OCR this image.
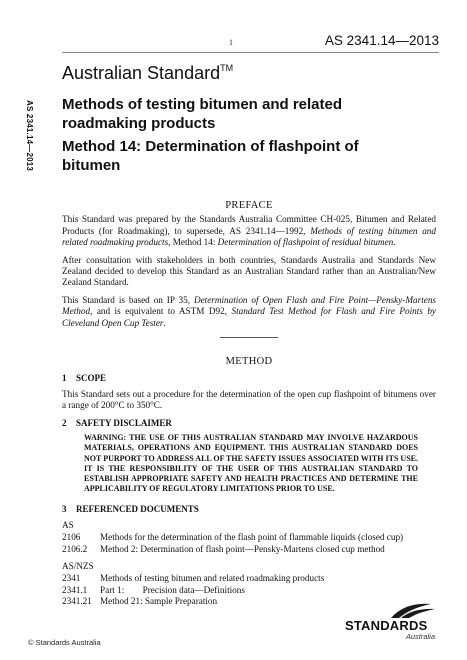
1	AS 2341.14—2013
AS 2341.14—2013
Australian Standard™
Methods of testing bitumen and related
roadmaking products
Method 14: Determination of flashpoint of
bitumen
PREFACE

This Standard was prepared by the Standards Australia Committee CH-025, Bitumen and Related Products (for Roadmaking), to supersede, AS 2341.14—1992, Methods of testing bitumen and related roadmaking products, Method 14: Determination of flashpoint of residual bitumen.

After consultation with stakeholders in both countries, Standards Australia and Standards New Zealand decided to develop this Standard as an Australian Standard rather than an Australian/New Zealand Standard.

This Standard is based on IP 35, Determination of Open Flash and Fire Point—Pensky-Martens Method, and is equivalent to ASTM D92, Standard Test Method for Flash and Fire Points by Cleveland Open Cup Tester.

METHOD
1 SCOPE

This Standard sets out a procedure for the determination of the open cup flashpoint of bitumens over a range of 200°C to 350°C.

2 SAFETY DISCLAIMER

WARNING: THE USE OF THIS AUSTRALIAN STANDARD MAY INVOLVE HAZARDOUS MATERIALS, OPERATIONS AND EQUIPMENT. THIS AUSTRALIAN STANDARD DOES NOT PURPORT TO ADDRESS ALL OF THE SAFETY ISSUES ASSOCIATED WITH ITS USE. IT IS THE RESPONSIBILITY OF THE USER OF THIS AUSTRALIAN STANDARD TO ESTABLISH APPROPRIATE SAFETY AND HEALTH PRACTICES AND DETERMINE THE APPLICABILITY OF REGULATORY LIMITATIONS PRIOR TO USE.

3 REFERENCED DOCUMENTS
AS
2106	Methods for the determination of the flash point of flammable liquids (closed cup)
2106.2	Method 2: Determination of flash point—Pensky-Martens closed cup method
AS/NZS
2341	Methods of testing bitumen and related roadmaking products
2341.1	Part 1:        Precision data—Definitions
2341.21 Method 21: Sample Preparation
© Standards Australia
STANDARDS
Australia
